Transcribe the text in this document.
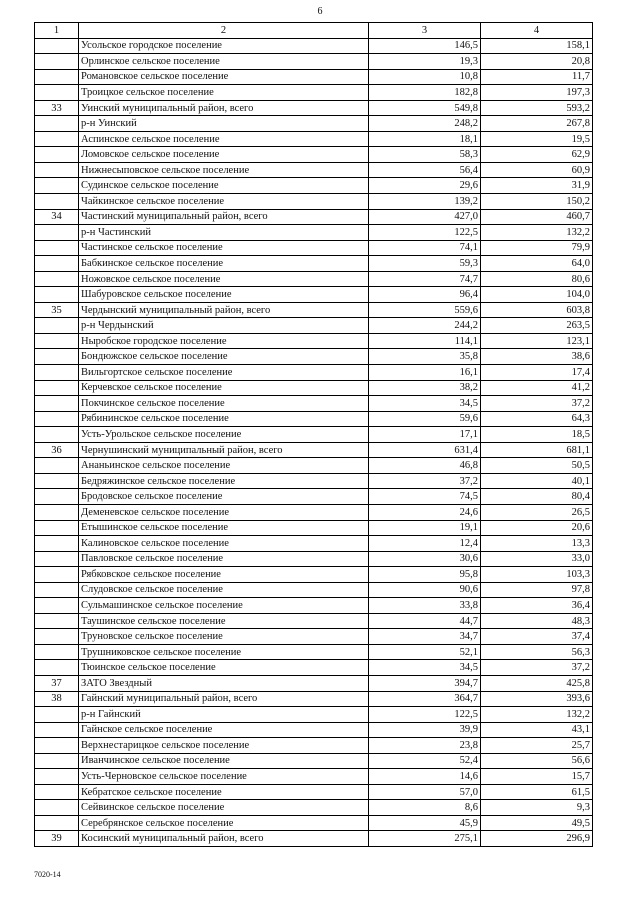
6
1	2	3	4
	Усольское городское поселение	146,5	158,1
	Орлинское сельское поселение	19,3	20,8
	Романовское сельское поселение	10,8	11,7
	Троицкое сельское поселение	182,8	197,3
33	Уинский муниципальный район, всего	549,8	593,2
	р-н Уинский	248,2	267,8
	Аспинское сельское поселение	18,1	19,5
	Ломовское сельское поселение	58,3	62,9
	Нижнесыповское сельское поселение	56,4	60,9
	Судинское сельское поселение	29,6	31,9
	Чайкинское сельское поселение	139,2	150,2
34	Частинский муниципальный район, всего	427,0	460,7
	р-н Частинский	122,5	132,2
	Частинское сельское поселение	74,1	79,9
	Бабкинское сельское поселение	59,3	64,0
	Ножовское сельское поселение	74,7	80,6
	Шабуровское сельское поселение	96,4	104,0
35	Чердынский муниципальный район, всего	559,6	603,8
	р-н Чердынский	244,2	263,5
	Ныробское городское поселение	114,1	123,1
	Бондюжское сельское поселение	35,8	38,6
	Вильгортское сельское поселение	16,1	17,4
	Керчевское сельское поселение	38,2	41,2
	Покчинское сельское поселение	34,5	37,2
	Рябининское сельское поселение	59,6	64,3
	Усть-Урольское сельское поселение	17,1	18,5
36	Чернушинский муниципальный район, всего	631,4	681,1
	Ананьинское сельское поселение	46,8	50,5
	Бедряжинское сельское поселение	37,2	40,1
	Бродовское сельское поселение	74,5	80,4
	Деменевское сельское поселение	24,6	26,5
	Етышинское сельское поселение	19,1	20,6
	Калиновское сельское поселение	12,4	13,3
	Павловское сельское поселение	30,6	33,0
	Рябковское сельское поселение	95,8	103,3
	Слудовское сельское поселение	90,6	97,8
	Сульмашинское сельское поселение	33,8	36,4
	Таушинское сельское поселение	44,7	48,3
	Труновское сельское поселение	34,7	37,4
	Трушниковское сельское поселение	52,1	56,3
	Тюинское сельское поселение	34,5	37,2
37	ЗАТО Звездный	394,7	425,8
38	Гайнский муниципальный район, всего	364,7	393,6
	р-н Гайнский	122,5	132,2
	Гайнское сельское поселение	39,9	43,1
	Верхнестарицкое сельское поселение	23,8	25,7
	Иванчинское сельское поселение	52,4	56,6
	Усть-Черновское сельское поселение	14,6	15,7
	Кебратское сельское поселение	57,0	61,5
	Сейвинское сельское поселение	8,6	9,3
	Серебрянское сельское поселение	45,9	49,5
39	Косинский муниципальный район, всего	275,1	296,9
7020-14
